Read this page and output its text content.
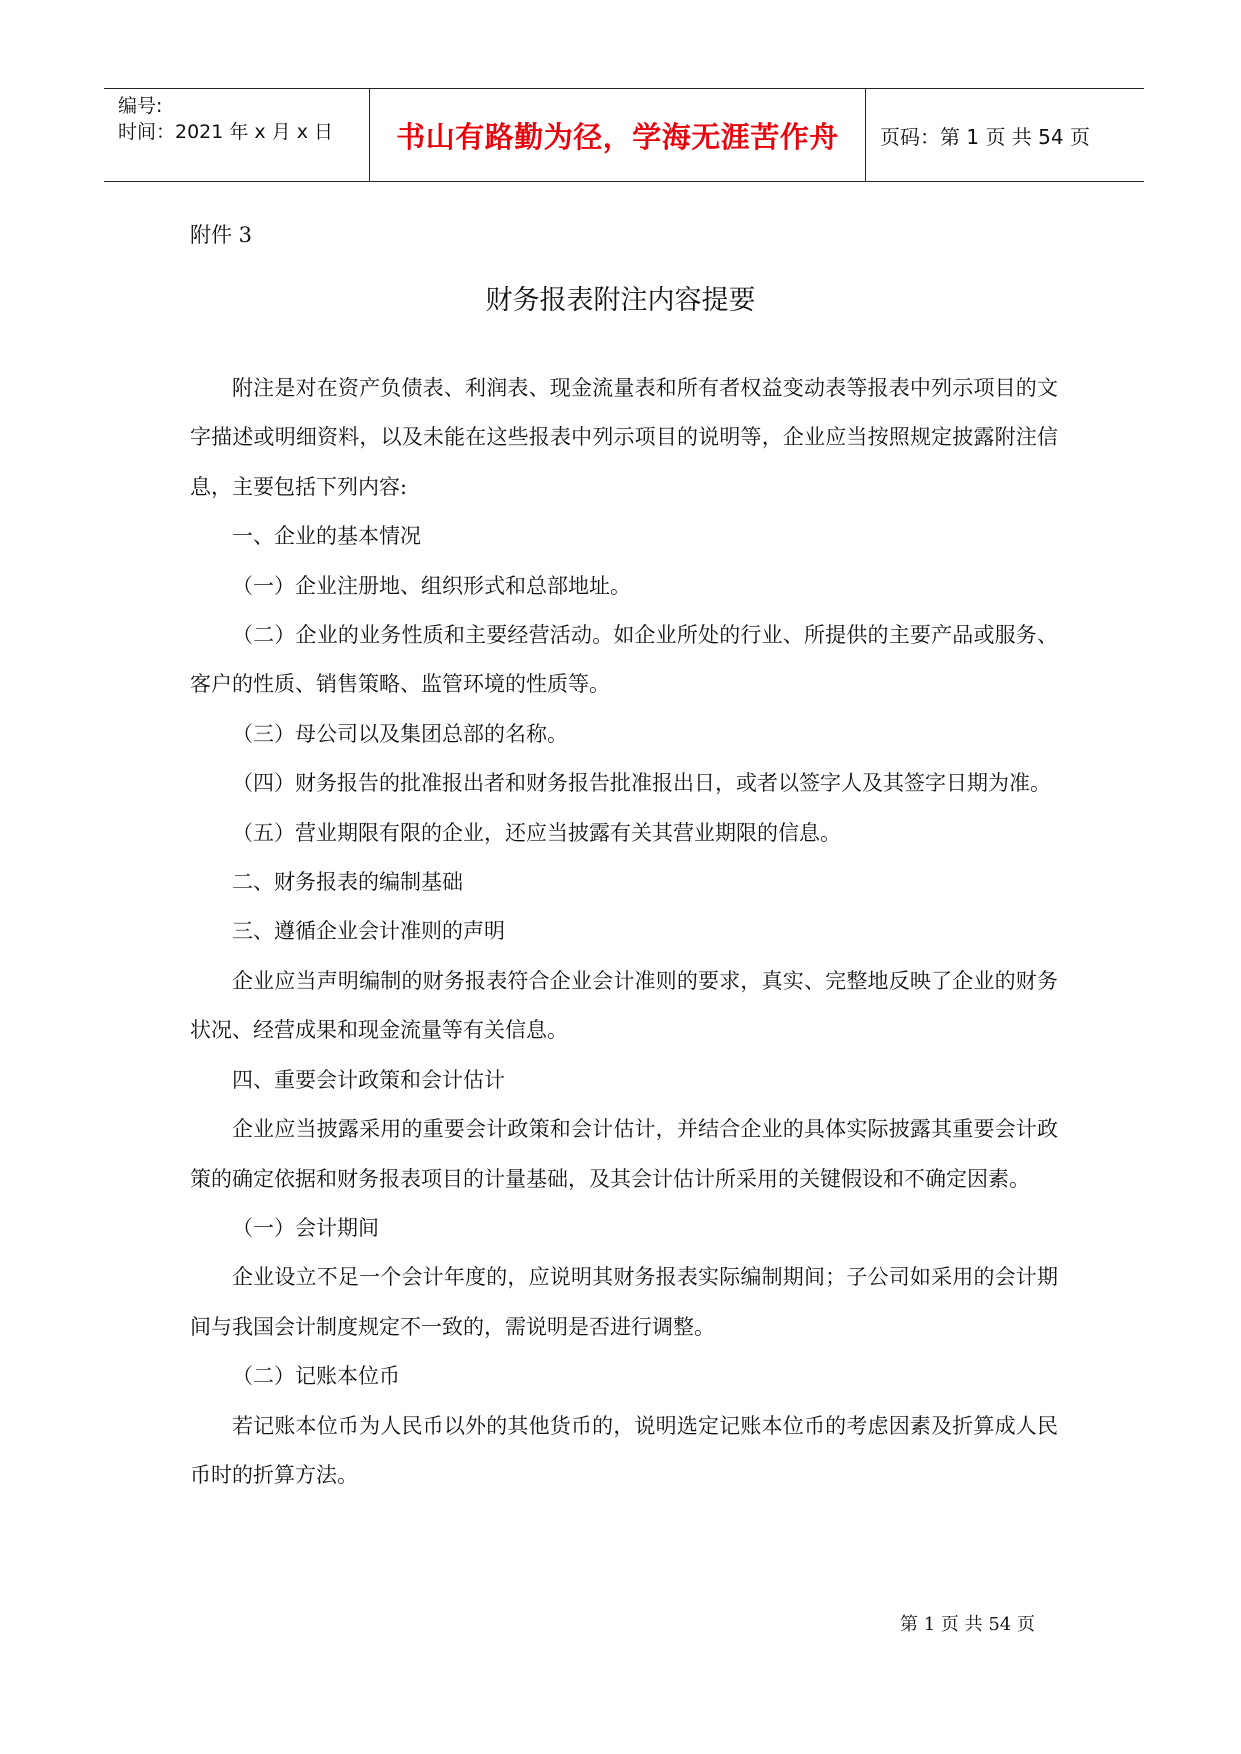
编号:
时间：2021 年 x 月 x 日	书山有路勤为径，学海无涯苦作舟 页码：第 1 页 共 54 页
附件 3
财务报表附注内容提要

附注是对在资产负债表、利润表、现金流量表和所有者权益变动表等报表中列示项目的文字描述或明细资料，以及未能在这些报表中列示项目的说明等，企业应当按照规定披露附注信息，主要包括下列内容:

一、企业的基本情况

（一）企业注册地、组织形式和总部地址。

（二）企业的业务性质和主要经营活动。如企业所处的行业、所提供的主要产品或服务、客户的性质、销售策略、监管环境的性质等。

（三）母公司以及集团总部的名称。

（四）财务报告的批准报出者和财务报告批准报出日，或者以签字人及其签字日期为准。

（五）营业期限有限的企业，还应当披露有关其营业期限的信息。

二、财务报表的编制基础

三、遵循企业会计准则的声明

企业应当声明编制的财务报表符合企业会计准则的要求，真实、完整地反映了企业的财务状况、经营成果和现金流量等有关信息。

四、重要会计政策和会计估计

企业应当披露采用的重要会计政策和会计估计，并结合企业的具体实际披露其重要会计政策的确定依据和财务报表项目的计量基础，及其会计估计所采用的关键假设和不确定因素。

（一）会计期间

企业设立不足一个会计年度的，应说明其财务报表实际编制期间；子公司如采用的会计期间与我国会计制度规定不一致的，需说明是否进行调整。

（二）记账本位币

若记账本位币为人民币以外的其他货币的，说明选定记账本位币的考虑因素及折算成人民币时的折算方法。

第 1 页 共 54 页
